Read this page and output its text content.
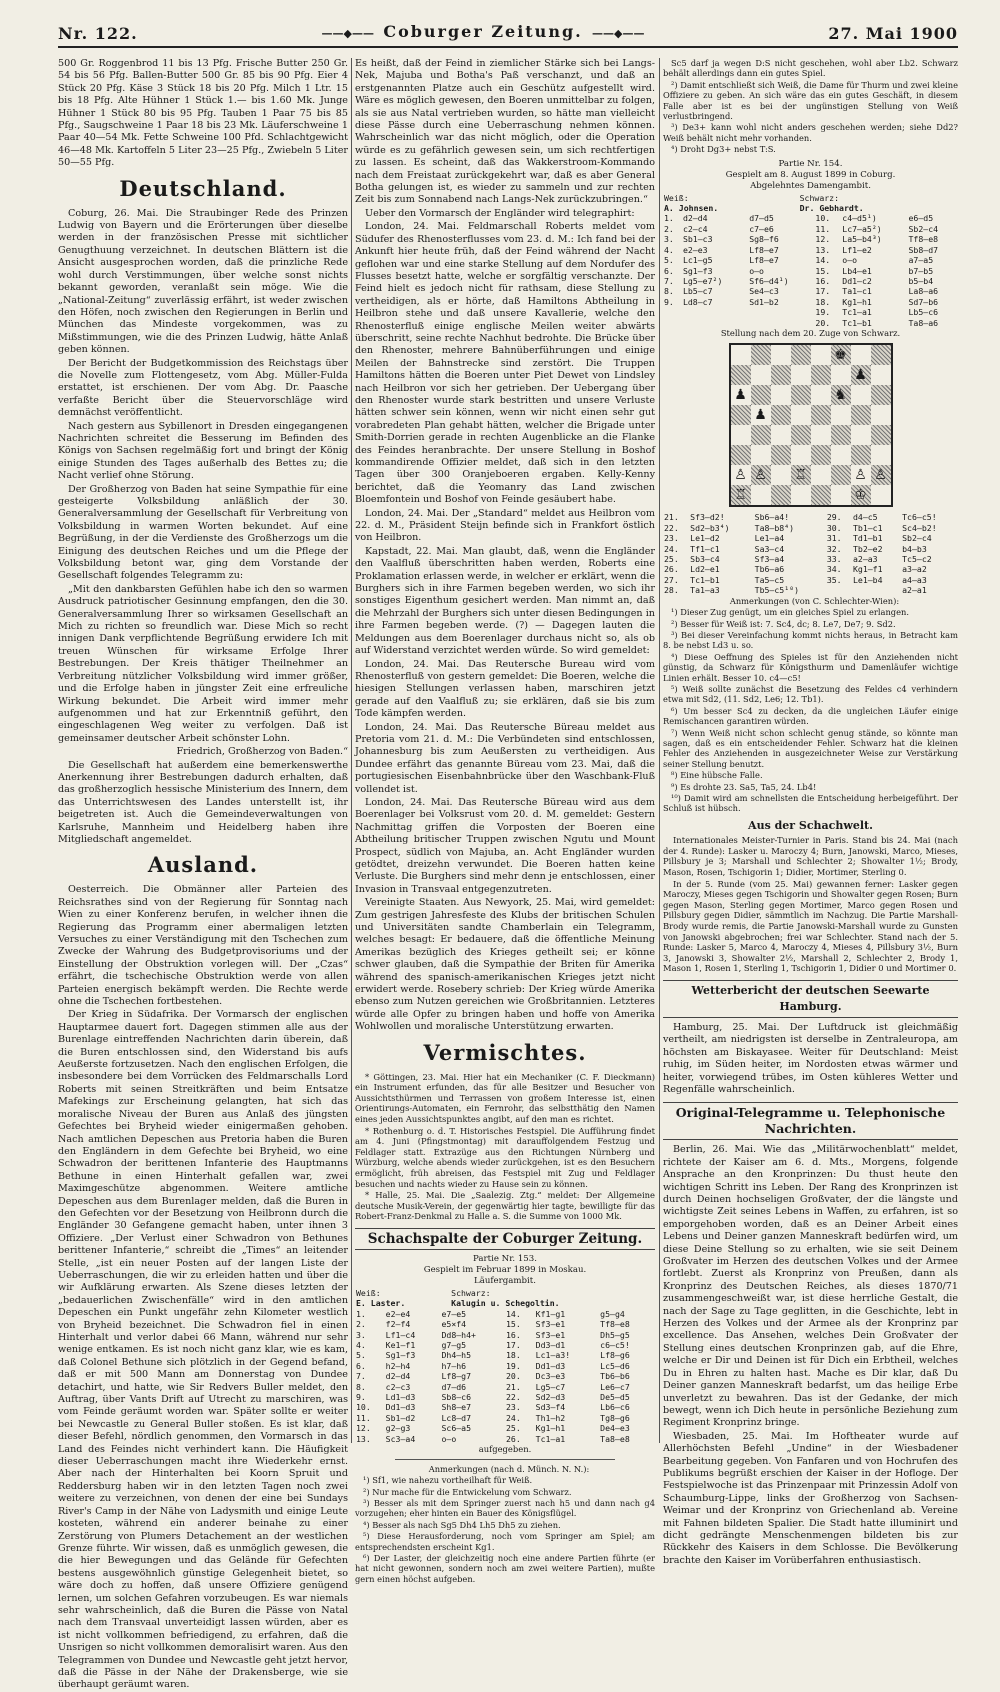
Nr. 122.	——◆—— Coburger Zeitung. ——◆——	27. Mai 1900

500 Gr. Roggenbrod 11 bis 13 Pfg. Frische Butter 250 Gr. 54 bis 56 Pfg. Ballen-Butter 500 Gr. 85 bis 90 Pfg. Eier 4 Stück 20 Pfg. Käse 3 Stück 18 bis 20 Pfg. Milch 1 Ltr. 15 bis 18 Pfg. Alte Hühner 1 Stück 1.— bis 1.60 Mk. Junge Hühner 1 Stück 80 bis 95 Pfg. Tauben 1 Paar 75 bis 85 Pfg., Saugschweine 1 Paar 18 bis 23 Mk. Läuferschweine 1 Paar 40—54 Mk. Fette Schweine 100 Pfd. Schlachtgewicht 46—48 Mk. Kartoffeln 5 Liter 23—25 Pfg., Zwiebeln 5 Liter 50—55 Pfg.

Deutschland.

Coburg, 26. Mai. Die Straubinger Rede des Prinzen Ludwig von Bayern und die Erörterungen über dieselbe werden in der französischen Presse mit sichtlicher Genugthuung verzeichnet. In deutschen Blättern ist die Ansicht ausgesprochen worden, daß die prinzliche Rede wohl durch Verstimmungen, über welche sonst nichts bekannt geworden, veranlaßt sein möge. Wie die „National-Zeitung“ zuverlässig erfährt, ist weder zwischen den Höfen, noch zwischen den Regierungen in Berlin und München das Mindeste vorgekommen, was zu Mißstimmungen, wie die des Prinzen Ludwig, hätte Anlaß geben können.

Der Bericht der Budgetkommission des Reichstags über die Novelle zum Flottengesetz, vom Abg. Müller-Fulda erstattet, ist erschienen. Der vom Abg. Dr. Paasche verfaßte Bericht über die Steuervorschläge wird demnächst veröffentlicht.

Nach gestern aus Sybillenort in Dresden eingegangenen Nachrichten schreitet die Besserung im Befinden des Königs von Sachsen regelmäßig fort und bringt der König einige Stunden des Tages außerhalb des Bettes zu; die Nacht verlief ohne Störung.

Der Großherzog von Baden hat seine Sympathie für eine gesteigerte Volksbildung anläßlich der 30. Generalversammlung der Gesellschaft für Verbreitung von Volksbildung in warmen Worten bekundet. Auf eine Begrüßung, in der die Verdienste des Großherzogs um die Einigung des deutschen Reiches und um die Pflege der Volksbildung betont war, ging dem Vorstande der Gesellschaft folgendes Telegramm zu:

„Mit den dankbarsten Gefühlen habe ich den so warmen Ausdruck patriotischer Gesinnung empfangen, den die 30. Generalversammlung Ihrer so wirksamen Gesellschaft an Mich zu richten so freundlich war. Diese Mich so recht innigen Dank verpflichtende Begrüßung erwidere Ich mit treuen Wünschen für wirksame Erfolge Ihrer Bestrebungen. Der Kreis thätiger Theilnehmer an Verbreitung nützlicher Volksbildung wird immer größer, und die Erfolge haben in jüngster Zeit eine erfreuliche Wirkung bekundet. Die Arbeit wird immer mehr aufgenommen und hat zur Erkenntniß geführt, den eingeschlagenen Weg weiter zu verfolgen. Daß ist gemeinsamer deutscher Arbeit schönster Lohn.

Friedrich, Großherzog von Baden.“

Die Gesellschaft hat außerdem eine bemerkenswerthe Anerkennung ihrer Bestrebungen dadurch erhalten, daß das großherzoglich hessische Ministerium des Innern, dem das Unterrichtswesen des Landes unterstellt ist, ihr beigetreten ist. Auch die Gemeindeverwaltungen von Karlsruhe, Mannheim und Heidelberg haben ihre Mitgliedschaft angemeldet.

Ausland.

Oesterreich. Die Obmänner aller Parteien des Reichsrathes sind von der Regierung für Sonntag nach Wien zu einer Konferenz berufen, in welcher ihnen die Regierung das Programm einer abermaligen letzten Versuches zu einer Verständigung mit den Tschechen zum Zwecke der Wahrung des Budgetprovisoriums und der Einstellung der Obstruktion vorlegen will. Der „Czas“ erfährt, die tschechische Obstruktion werde von allen Parteien energisch bekämpft werden. Die Rechte werde ohne die Tschechen fortbestehen.

Der Krieg in Südafrika. Der Vormarsch der englischen Hauptarmee dauert fort. Dagegen stimmen alle aus der Burenlage eintreffenden Nachrichten darin überein, daß die Buren entschlossen sind, den Widerstand bis aufs Aeußerste fortzusetzen. Nach den englischen Erfolgen, die insbesondere bei dem Vorrücken des Feldmarschalls Lord Roberts mit seinen Streitkräften und beim Entsatze Mafekings zur Erscheinung gelangten, hat sich das moralische Niveau der Buren aus Anlaß des jüngsten Gefechtes bei Bryheid wieder einigermaßen gehoben. Nach amtlichen Depeschen aus Pretoria haben die Buren den Engländern in dem Gefechte bei Bryheid, wo eine Schwadron der berittenen Infanterie des Hauptmanns Bethune in einen Hinterhalt gefallen war, zwei Maximgeschütze abgenommen. Weitere amtliche Depeschen aus dem Burenlager melden, daß die Buren in den Gefechten vor der Besetzung von Heilbronn durch die Engländer 30 Gefangene gemacht haben, unter ihnen 3 Offiziere. „Der Verlust einer Schwadron von Bethunes berittener Infanterie,“ schreibt die „Times“ an leitender Stelle, „ist ein neuer Posten auf der langen Liste der Ueberraschungen, die wir zu erleiden hatten und über die wir Aufklärung erwarten. Als Szene dieses letzten der „bedauerlichen Zwischenfälle“ wird in den amtlichen Depeschen ein Punkt ungefähr zehn Kilometer westlich von Bryheid bezeichnet. Die Schwadron fiel in einen Hinterhalt und verlor dabei 66 Mann, während nur sehr wenige entkamen. Es ist noch nicht ganz klar, wie es kam, daß Colonel Bethune sich plötzlich in der Gegend befand, daß er mit 500 Mann am Donnerstag von Dundee detachirt, und hatte, wie Sir Redvers Buller meldet, den Auftrag, über Vants Drift auf Utrecht zu marschiren, was vom Feinde geräumt worden war. Später sollte er weiter bei Newcastle zu General Buller stoßen. Es ist klar, daß dieser Befehl, nördlich genommen, den Vormarsch in das Land des Feindes nicht verhindert kann. Die Häufigkeit dieser Ueberraschungen macht ihre Wiederkehr ernst. Aber nach der Hinterhalten bei Koorn Spruit und Reddersburg haben wir in den letzten Tagen noch zwei weitere zu verzeichnen, von denen der eine bei Sundays River's Camp in der Nähe von Ladysmith und einige Leute kosteten, während ein anderer beinahe zu einer Zerstörung von Plumers Detachement an der westlichen Grenze führte. Wir wissen, daß es unmöglich gewesen, die die hier Bewegungen und das Gelände für Gefechten bestens ausgewöhnlich günstige Gelegenheit bietet, so wäre doch zu hoffen, daß unsere Offiziere genügend lernen, um solchen Gefahren vorzubeugen. Es war niemals sehr wahrscheinlich, daß die Buren die Pässe von Natal nach dem Transvaal unverteidigt lassen würden, aber es ist nicht vollkommen befriedigend, zu erfahren, daß die Unsrigen so nicht vollkommen demoralisirt waren. Aus den Telegrammen von Dundee und Newcastle geht jetzt hervor, daß die Pässe in der Nähe der Drakensberge, wie sie überhaupt geräumt waren.

Es heißt, daß der Feind in ziemlicher Stärke sich bei Langs-Nek, Majuba und Botha's Paß verschanzt, und daß an erstgenannten Platze auch ein Geschütz aufgestellt wird. Wäre es möglich gewesen, den Boeren unmittelbar zu folgen, als sie aus Natal vertrieben wurden, so hätte man vielleicht diese Pässe durch eine Ueberraschung nehmen können. Wahrscheinlich war das nicht möglich, oder die Operation würde es zu gefährlich gewesen sein, um sich rechtfertigen zu lassen. Es scheint, daß das Wakkerstroom-Kommando nach dem Freistaat zurückgekehrt war, daß es aber General Botha gelungen ist, es wieder zu sammeln und zur rechten Zeit bis zum Sonnabend nach Langs-Nek zurückzubringen.“

Ueber den Vormarsch der Engländer wird telegraphirt:

London, 24. Mai. Feldmarschall Roberts meldet vom Südufer des Rhenosterflusses vom 23. d. M.: Ich fand bei der Ankunft hier heute früh, daß der Feind während der Nacht geflohen war und eine starke Stellung auf dem Nordufer des Flusses besetzt hatte, welche er sorgfältig verschanzte. Der Feind hielt es jedoch nicht für rathsam, diese Stellung zu vertheidigen, als er hörte, daß Hamiltons Abtheilung in Heilbron stehe und daß unsere Kavallerie, welche den Rhenosterfluß einige englische Meilen weiter abwärts überschritt, seine rechte Nachhut bedrohte. Die Brücke über den Rhenoster, mehrere Bahnüberführungen und einige Meilen der Bahnstrecke sind zerstört. Die Truppen Hamiltons hätten die Boeren unter Piet Dewet von Lindsley nach Heilbron vor sich her getrieben. Der Uebergang über den Rhenoster wurde stark bestritten und unsere Verluste hätten schwer sein können, wenn wir nicht einen sehr gut vorabredeten Plan gehabt hätten, welcher die Brigade unter Smith-Dorrien gerade in rechten Augenblicke an die Flanke des Feindes heranbrachte. Der unsere Stellung in Boshof kommandirende Offizier meldet, daß sich in den letzten Tagen über 300 Oranjeboeren ergaben. Kelly-Kenny berichtet, daß die Yeomanry das Land zwischen Bloemfontein und Boshof von Feinde gesäubert habe.

London, 24. Mai. Der „Standard“ meldet aus Heilbron vom 22. d. M., Präsident Steijn befinde sich in Frankfort östlich von Heilbron.

Kapstadt, 22. Mai. Man glaubt, daß, wenn die Engländer den Vaalfluß überschritten haben werden, Roberts eine Proklamation erlassen werde, in welcher er erklärt, wenn die Burghers sich in ihre Farmen begeben werden, wo sich ihr sonstiges Eigenthum gesichert werden. Man nimmt an, daß die Mehrzahl der Burghers sich unter diesen Bedingungen in ihre Farmen begeben werde. (?) — Dagegen lauten die Meldungen aus dem Boerenlager durchaus nicht so, als ob auf Widerstand verzichtet werden würde. So wird gemeldet:

London, 24. Mai. Das Reutersche Bureau wird vom Rhenosterfluß von gestern gemeldet: Die Boeren, welche die hiesigen Stellungen verlassen haben, marschiren jetzt gerade auf den Vaalfluß zu; sie erklären, daß sie bis zum Tode kämpfen werden.

London, 24. Mai. Das Reutersche Büreau meldet aus Pretoria vom 21. d. M.: Die Verbündeten sind entschlossen, Johannesburg bis zum Aeußersten zu vertheidigen. Aus Dundee erfährt das genannte Büreau vom 23. Mai, daß die portugiesischen Eisenbahnbrücke über den Waschbank-Fluß vollendet ist.

London, 24. Mai. Das Reutersche Büreau wird aus dem Boerenlager bei Volksrust vom 20. d. M. gemeldet: Gestern Nachmittag griffen die Vorposten der Boeren eine Abtheilung britischer Truppen zwischen Ngutu und Mount Prospect, südlich von Majuba, an. Acht Engländer wurden getödtet, dreizehn verwundet. Die Boeren hatten keine Verluste. Die Burghers sind mehr denn je entschlossen, einer Invasion in Transvaal entgegenzutreten.

Vereinigte Staaten. Aus Newyork, 25. Mai, wird gemeldet: Zum gestrigen Jahresfeste des Klubs der britischen Schulen und Universitäten sandte Chamberlain ein Telegramm, welches besagt: Er bedauere, daß die öffentliche Meinung Amerikas bezüglich des Krieges getheilt sei; er könne schwer glauben, daß die Sympathie der Briten für Amerika während des spanisch-amerikanischen Krieges jetzt nicht erwidert werde. Rosebery schrieb: Der Krieg würde Amerika ebenso zum Nutzen gereichen wie Großbritannien. Letzteres würde alle Opfer zu bringen haben und hoffe von Amerika Wohlwollen und moralische Unterstützung erwarten.

Vermischtes.

* Göttingen, 23. Mai. Hier hat ein Mechaniker (C. F. Dieckmann) ein Instrument erfunden, das für alle Besitzer und Besucher von Aussichtsthürmen und Terrassen von großem Interesse ist, einen Orientirungs-Automaten, ein Fernrohr, das selbstthätig den Namen eines jeden Aussichtspunktes angibt, auf den man es richtet.

* Rothenburg o. d. T. Historisches Festspiel. Die Aufführung findet am 4. Juni (Pfingstmontag) mit darauffolgendem Festzug und Feldlager statt. Extrazüge aus den Richtungen Nürnberg und Würzburg, welche abends wieder zurückgehen, ist es den Besuchern ermöglicht, früh abreisen, das Festspiel mit Zug und Feldlager besuchen und nachts wieder zu Hause sein zu können.

* Halle, 25. Mai. Die „Saalezig. Ztg.“ meldet: Der Allgemeine deutsche Musik-Verein, der gegenwärtig hier tagte, bewilligte für das Robert-Franz-Denkmal zu Halle a. S. die Summe von 1000 Mk.

Schachspalte der Coburger Zeitung.

Partie Nr. 153.
Gespielt im Februar 1899 in Moskau.
Läufergambit.

Weiß:	Schwarz:
E. Laster.	Kalugin u. Schegoltin.
1.	e2—e4	e7—e5	14.	Kf1—g1	g5—g4
2.	f2—f4	e5×f4	15.	Sf3—e1	Tf8—e8
3.	Lf1—c4	Dd8—h4+	16.	Sf3—e1	Dh5—g5
4.	Ke1—f1	g7—g5	17.	Dd3—d1	c6—c5!
5.	Sg1—f3	Dh4—h5	18.	Lc1—a3!	Lf8—g6
6.	h2—h4	h7—h6	19.	Dd1—d3	Lc5—d6
7.	d2—d4	Lf8—g7	20.	Dc3—e3	Tb6—b6
8.	c2—c3	d7—d6	21.	Lg5—c7	Le6—c7
9.	Ld1—d3	Sb8—c6	22.	Sd2—d3	De5—d5
10.	Dd1—d3	Sh8—e7	23.	Sd3—f4	Lb6—c6
11.	Sb1—d2	Lc8—d7	24.	Th1—h2	Tg8—g6
12.	g2—g3	Sc6—a5	25.	Kg1—h1	De4—e3
13.	Sc3—a4	o—o	26.	Tc1—a1	Ta8—e8

aufgegeben.

Anmerkungen (nach d. Münch. N. N.):

¹) Sf1, wie nahezu vortheilhaft für Weiß.

²) Nur mache für die Entwickelung vom Schwarz.

³) Besser als mit dem Springer zuerst nach h5 und dann nach g4 vorzugehen; eher hinten ein Bauer des Königsflügel.

⁴) Besser als nach Sg5 Dh4 Lh5 Dh5 zu ziehen.

⁵) Diese Herausforderung, noch vom Springer am Spiel; am entsprechendsten erscheint Kg1.

⁶) Der Laster, der gleichzeitig noch eine andere Partien führte (er hat nicht gewonnen, sondern noch am zwei weitere Partien), mußte gern einen höchst aufgeben.

Sc5 darf ja wegen D:S nicht geschehen, wohl aber Lb2. Schwarz behält allerdings dann ein gutes Spiel.

²) Damit entschließt sich Weiß, die Dame für Thurm und zwei kleine Offiziere zu geben. An sich wäre das ein gutes Geschäft, in diesem Falle aber ist es bei der ungünstigen Stellung von Weiß verlustbringend.

³) De3+ kann wohl nicht anders geschehen werden; siehe Dd2? Weiß behält nicht mehr vorhanden.

⁴) Droht Dg3+ nebst T:S.

Partie Nr. 154.
Gespielt am 8. August 1899 in Coburg.
Abgelehntes Damengambit.

Weiß:	Schwarz:
A. Johnsen.	Dr. Gebhardt.
1.	d2—d4	d7—d5	10.	c4—d5¹)	e6—d5
2.	c2—c4	c7—e6	11.	Lc7—a5²)	Sb2—c4
3.	Sb1—c3	Sg8—f6	12.	La5—b4³)	Tf8—e8
4.	e2—e3	Lf8—e7	13.	Lf1—e2	Sb8—d7
5.	Lc1—g5	Lf8—e7	14.	o—o	a7—a5
6.	Sg1—f3	o—o	15.	Lb4—e1	b7—b5
7.	Lg5—e7²)	Sf6—d4¹)	16.	Dd1—c2	b5—b4
8.	Lb5—c7	Se4—c3	17.	Ta1—c1	La8—a6
9.	Ld8—c7	Sd1—b2	18.	Kg1—h1	Sd7—b6
			19.	Tc1—a1	Lb5—c6
			20.	Tc1—b1	Ta8—a6

Stellung nach dem 20. Zuge von Schwarz.

♚
♟
♟	♞
♟
♙ ♙ ♖	♙ ♙
♖	♔
21.	Sf3—d2!	Sb6—a4!	29.	d4—c5	Tc6—c5!
22.	Sd2—b3⁴)	Ta8—b8⁴)	30.	Tb1—c1	Sc4—b2!
23.	Le1—d2	Le1—a4	31.	Td1—b1	Sb2—c4
24.	Tf1—c1	Sa3—c4	32.	Tb2—e2	b4—b3
25.	Sb3—c4	Sf3—a4	33.	a2—a3	Tc5—c2
26.	Ld2—e1	Tb6—a6	34.	Kg1—f1	a3—a2
27.	Tc1—b1	Ta5—c5	35.	Le1—b4	a4—a3
28.	Ta1—a3	Tb5—c5¹⁰)			a2—a1

Anmerkungen (von C. Schlechter-Wien):

¹) Dieser Zug genügt, um ein gleiches Spiel zu erlangen.

²) Besser für Weiß ist: 7. Sc4, dc; 8. Le7, De7; 9. Sd2.

³) Bei dieser Vereinfachung kommt nichts heraus, in Betracht kam 8. be nebst Ld3 u. so.

⁴) Diese Oeffnung des Spieles ist für den Anziehenden nicht günstig, da Schwarz für Königsthurm und Damenläufer wichtige Linien erhält. Besser 10. c4—c5!

⁵) Weiß sollte zunächst die Besetzung des Feldes c4 verhindern etwa mit Sd2, (11. Sd2, Le6; 12. Tb1).

⁶) Um besser Sc4 zu decken, da die ungleichen Läufer einige Remischancen garantiren würden.

⁷) Wenn Weiß nicht schon schlecht genug stände, so könnte man sagen, daß es ein entscheidender Fehler. Schwarz hat die kleinen Fehler des Anziehenden in ausgezeichneter Weise zur Verstärkung seiner Stellung benutzt.

⁸) Eine hübsche Falle.

⁹) Es drohte 23. Sa5, Ta5, 24. Lb4!

¹⁰) Damit wird am schnellsten die Entscheidung herbeigeführt. Der Schluß ist hübsch.

Aus der Schachwelt.

Internationales Meister-Turnier in Paris. Stand bis 24. Mai (nach der 4. Runde): Lasker u. Maroczy 4; Burn, Janowski, Marco, Mieses, Pillsbury je 3; Marshall und Schlechter 2; Showalter 1½; Brody, Mason, Rosen, Tschigorin 1; Didier, Mortimer, Sterling 0.

In der 5. Runde (vom 25. Mai) gewannen ferner: Lasker gegen Maroczy, Mieses gegen Tschigorin und Showalter gegen Rosen; Burn gegen Mason, Sterling gegen Mortimer, Marco gegen Rosen und Pillsbury gegen Didier, sämmtlich im Nachzug. Die Partie Marshall-Brody wurde remis, die Partie Janowski-Marshall wurde zu Gunsten von Janowski abgebrochen; frei war Schlechter. Stand nach der 5. Runde: Lasker 5, Marco 4, Maroczy 4, Mieses 4, Pillsbury 3½, Burn 3, Janowski 3, Showalter 2½, Marshall 2, Schlechter 2, Brody 1, Mason 1, Rosen 1, Sterling 1, Tschigorin 1, Didier 0 und Mortimer 0.

Wetterbericht der deutschen Seewarte Hamburg.

Hamburg, 25. Mai. Der Luftdruck ist gleichmäßig vertheilt, am niedrigsten ist derselbe in Zentraleuropa, am höchsten am Biskayasee. Weiter für Deutschland: Meist ruhig, im Süden heiter, im Nordosten etwas wärmer und heiter, vorwiegend trübes, im Osten kühleres Wetter und Regenfälle wahrscheinlich.

Original-Telegramme u. Telephonische Nachrichten.

Berlin, 26. Mai. Wie das „Militärwochenblatt“ meldet, richtete der Kaiser am 6. d. Mts., Morgens, folgende Ansprache an den Kronprinzen: Du thust heute den wichtigen Schritt ins Leben. Der Rang des Kronprinzen ist durch Deinen hochseligen Großvater, der die längste und wichtigste Zeit seines Lebens in Waffen, zu erfahren, ist so emporgehoben worden, daß es an Deiner Arbeit eines Lebens und Deiner ganzen Manneskraft bedürfen wird, um diese Deine Stellung so zu erhalten, wie sie seit Deinem Großvater im Herzen des deutschen Volkes und der Armee fortlebt. Zuerst als Kronprinz von Preußen, dann als Kronprinz des Deutschen Reiches, als dieses 1870/71 zusammengeschweißt war, ist diese herrliche Gestalt, die nach der Sage zu Tage geglitten, in die Geschichte, lebt in Herzen des Volkes und der Armee als der Kronprinz par excellence. Das Ansehen, welches Dein Großvater der Stellung eines deutschen Kronprinzen gab, auf die Ehre, welche er Dir und Deinen ist für Dich ein Erbtheil, welches Du in Ehren zu halten hast. Mache es Dir klar, daß Du Deiner ganzen Manneskraft bedarfst, um das heilige Erbe unverletzt zu bewahren. Das ist der Gedanke, der mich bewegt, wenn ich Dich heute in persönliche Beziehung zum Regiment Kronprinz bringe.

Wiesbaden, 25. Mai. Im Hoftheater wurde auf Allerhöchsten Befehl „Undine“ in der Wiesbadener Bearbeitung gegeben. Von Fanfaren und von Hochrufen des Publikums begrüßt erschien der Kaiser in der Hofloge. Der Festspielwoche ist das Prinzenpaar mit Prinzessin Adolf von Schaumburg-Lippe, links der Großherzog von Sachsen-Weimar und der Kronprinz von Griechenland ab. Vereine mit Fahnen bildeten Spalier. Die Stadt hatte illuminirt und dicht gedrängte Menschenmengen bildeten bis zur Rückkehr des Kaisers in dem Schlosse. Die Bevölkerung brachte den Kaiser im Vorüberfahren enthusiastisch.
